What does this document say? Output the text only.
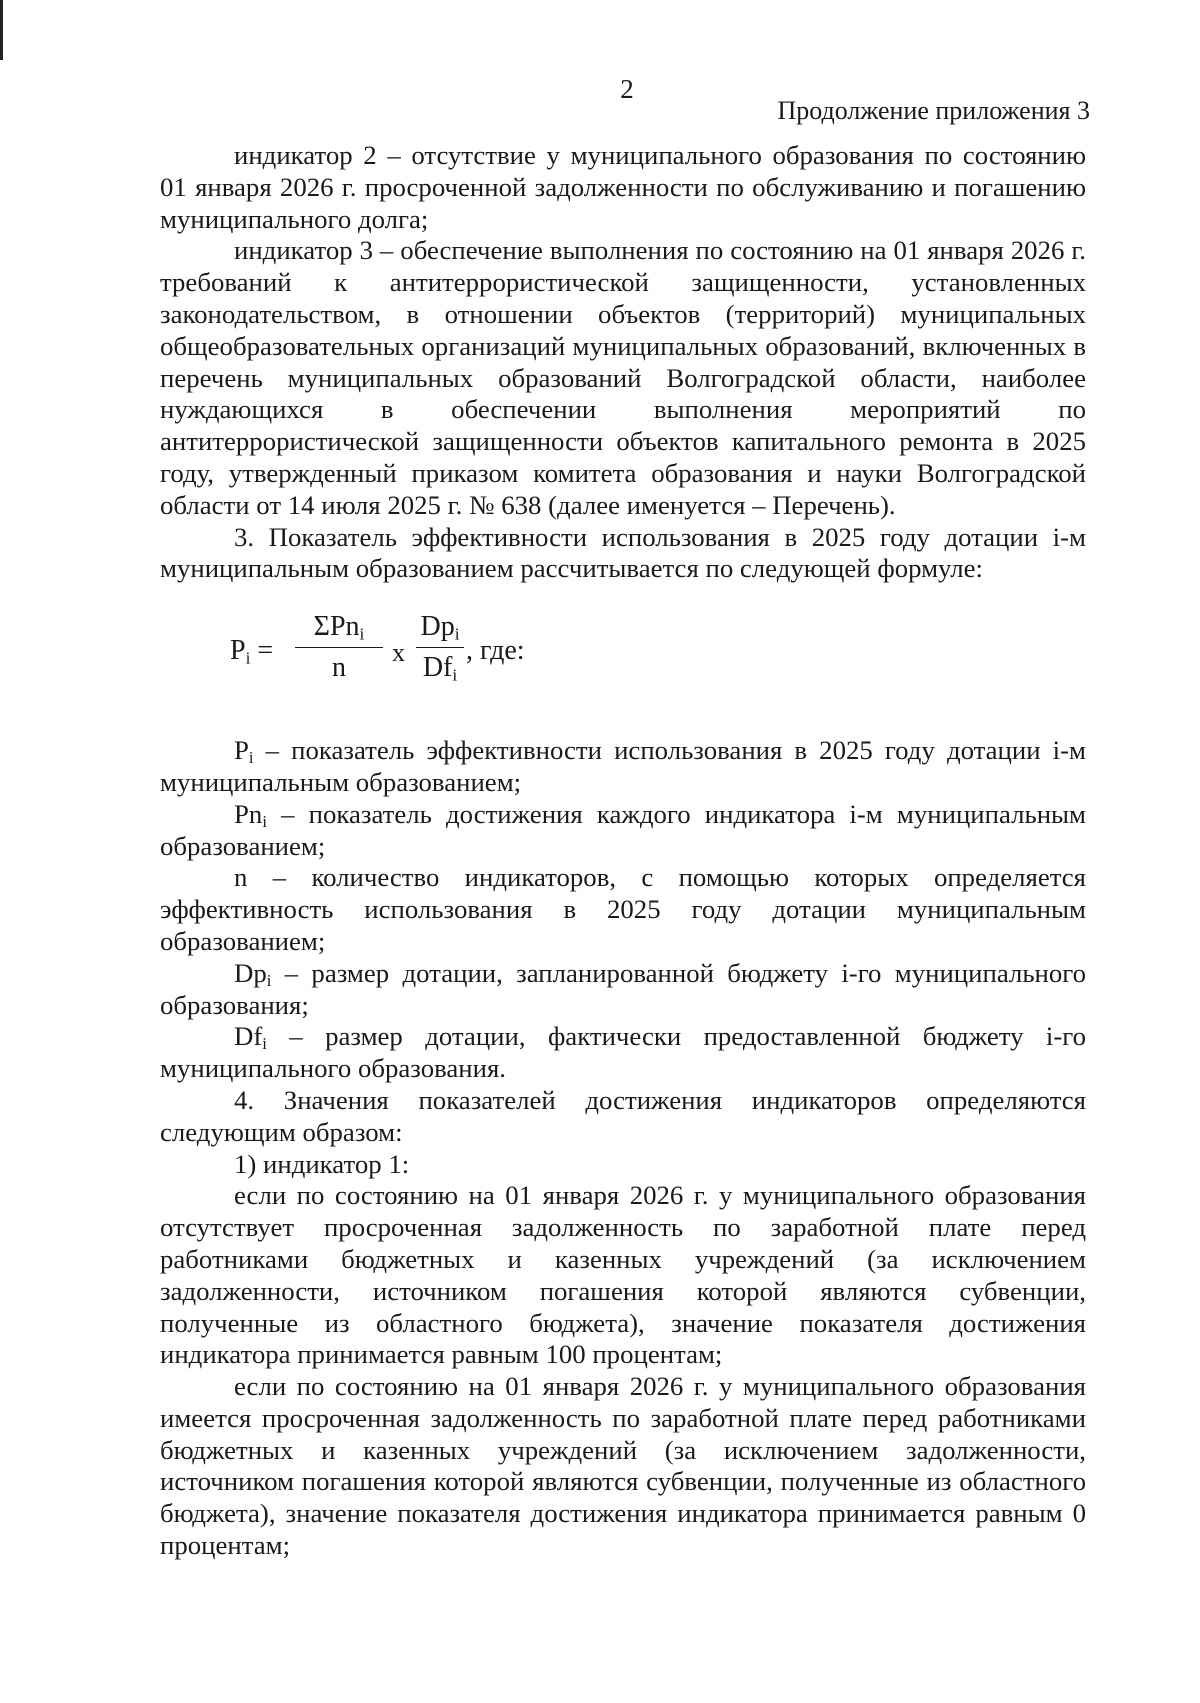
2
Продолжение приложения 3

индикатор 2 – отсутствие у муниципального образования по состоянию 01 января 2026 г. просроченной задолженности по обслуживанию и погашению муниципального долга;

индикатор 3 – обеспечение выполнения по состоянию на 01 января 2026 г. требований к антитеррористической защищенности, установленных законодательством, в отношении объектов (территорий) муниципальных общеобразовательных организаций муниципальных образований, включенных в перечень муниципальных образований Волгоградской области, наиболее нуждающихся в обеспечении выполнения мероприятий по антитеррористической защищенности объектов капитального ремонта в 2025 году, утвержденный приказом комитета образования и науки Волгоградской области от 14 июля 2025 г. № 638 (далее именуется – Перечень).

3. Показатель эффективности использования в 2025 году дотации i-м муниципальным образованием рассчитывается по следующей формуле:

$P_i$ =
ΣPn$_i$
n	x
$Dp_i$
$Df_i$
, где:

$P_i$ – показатель эффективности использования в 2025 году дотации i-м муниципальным образованием;

$Pn_i$ – показатель достижения каждого индикатора i-м муниципальным образованием;

n – количество индикаторов, с помощью которых определяется эффективность использования в 2025 году дотации муниципальным образованием;

$Dp_i$ – размер дотации, запланированной бюджету i-го муниципального образования;

$Df_i$ – размер дотации, фактически предоставленной бюджету i-го муниципального образования.

4. Значения показателей достижения индикаторов определяются следующим образом:

1) индикатор 1:

если по состоянию на 01 января 2026 г. у муниципального образования отсутствует просроченная задолженность по заработной плате перед работниками бюджетных и казенных учреждений (за исключением задолженности, источником погашения которой являются субвенции, полученные из областного бюджета), значение показателя достижения индикатора принимается равным 100 процентам;

если по состоянию на 01 января 2026 г. у муниципального образования имеется просроченная задолженность по заработной плате перед работниками бюджетных и казенных учреждений (за исключением задолженности, источником погашения которой являются субвенции, полученные из областного бюджета), значение показателя достижения индикатора принимается равным 0 процентам;
